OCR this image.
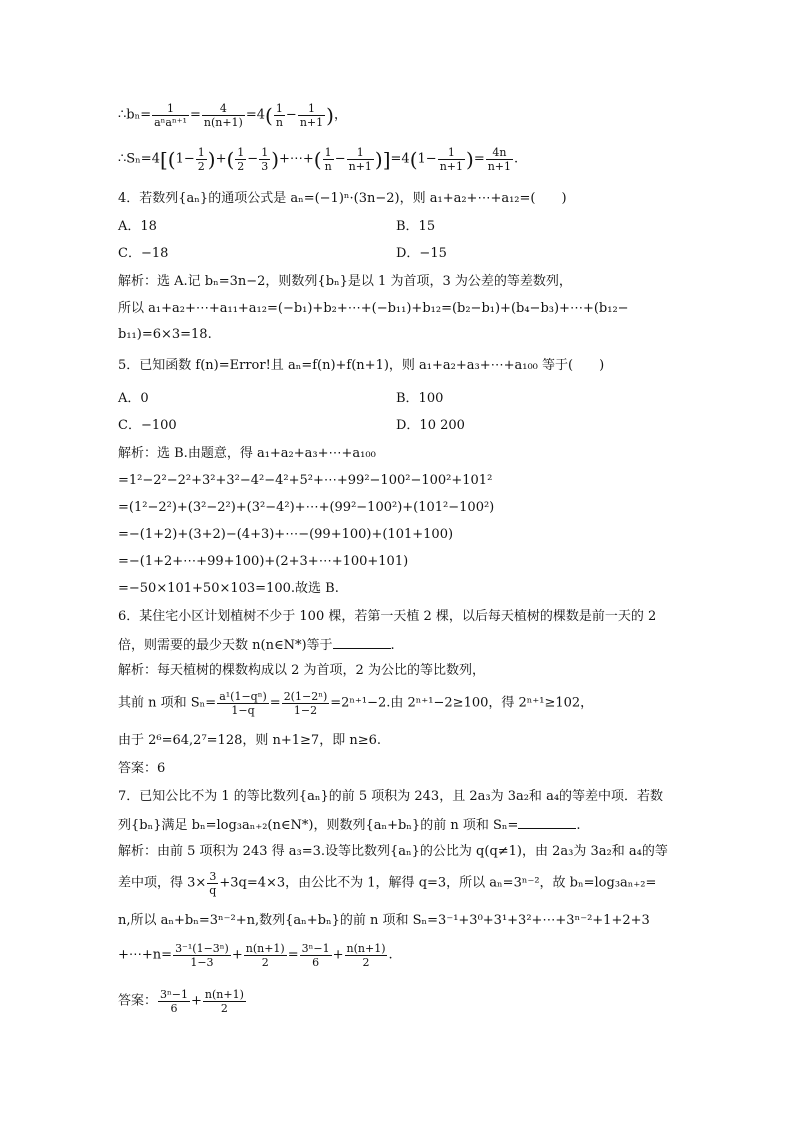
∴bₙ= $\frac{1}{\text{aⁿaⁿ⁺¹}} = \frac{4}{n(n+1)} =4( \frac{1}{n} - \frac{1}{n+1}$ )，
∴Sₙ=4[(1− $\frac{1}{2}$ )+( $\frac{1}{2} - \frac{1}{3}$ )+⋯+( $\frac{1}{n} - \frac{1}{n+1} )]=4(1- \frac{1}{n+1}$ )= $\frac{4n}{n+1}$ .
4．若数列{aₙ}的通项公式是 aₙ=(−1)ⁿ·(3n−2)，则 a₁+a₂+⋯+a₁₂=(　　)
A．18	B．15
C．−18	D．−15
解析：选 A.记 bₙ=3n−2，则数列{bₙ}是以 1 为首项，3 为公差的等差数列，
所以 a₁+a₂+⋯+a₁₁+a₁₂=(−b₁)+b₂+⋯+(−b₁₁)+b₁₂=(b₂−b₁)+(b₄−b₃)+⋯+(b₁₂−
b₁₁)=6×3=18.
5．已知函数 f(n)=Error!且 aₙ=f(n)+f(n+1)，则 a₁+a₂+a₃+⋯+a₁₀₀ 等于(　　)
A．0	B．100
C．−100	D．10 200
解析：选 B.由题意，得 a₁+a₂+a₃+⋯+a₁₀₀
=1²−2²−2²+3²+3²−4²−4²+5²+⋯+99²−100²−100²+101²
=(1²−2²)+(3²−2²)+(3²−4²)+⋯+(99²−100²)+(101²−100²)
=−(1+2)+(3+2)−(4+3)+⋯−(99+100)+(101+100)
=−(1+2+⋯+99+100)+(2+3+⋯+100+101)
=−50×101+50×103=100.故选 B.
6．某住宅小区计划植树不少于 100 棵，若第一天植 2 棵，以后每天植树的棵数是前一天的 2
倍，则需要的最少天数 n(n∈N*)等于	.
解析：每天植树的棵数构成以 2 为首项，2 为公比的等比数列，
其前 n 项和 $S_n= \frac{\text{a¹(1−qⁿ)}}{1-q} = \frac{\text{2(1−2ⁿ)}}{1-2} =2^{n+1}-2$.由 2ⁿ⁺¹−2≥100，得 2ⁿ⁺¹≥102，
由于 2⁶=64,2⁷=128，则 n+1≥7，即 n≥6.
答案：6
7．已知公比不为 1 的等比数列{aₙ}的前 5 项积为 243，且 2a₃为 3a₂和 a₄的等差中项．若数
列{bₙ}满足 bₙ=log₃aₙ₊₂(n∈N*)，则数列{aₙ+bₙ}的前 n 项和 Sₙ=	.
解析：由前 5 项积为 243 得 a₃=3.设等比数列{aₙ}的公比为 q(q≠1)，由 2a₃为 3a₂和 a₄的等
差中项，得 $3\times \frac{3}{q} +3q=4\times 3$，由公比不为 1，解得 q=3，所以 aₙ=3ⁿ⁻²，故 bₙ=log₃aₙ₊₂=
n,所以 aₙ+bₙ=3ⁿ⁻²+n,数列{aₙ+bₙ}的前 n 项和 Sₙ=3⁻¹+3⁰+3¹+3²+⋯+3ⁿ⁻²+1+2+3
+⋯+n= $\frac{\text{3⁻¹(1−3ⁿ)}}{1-3} + \frac{n(n+1)}{2} = \frac{\text{3ⁿ−1}}{6} + \frac{n(n+1)}{2}$ .
答案： $\frac{\text{3ⁿ−1}}{6} + \frac{n(n+1)}{2}$
